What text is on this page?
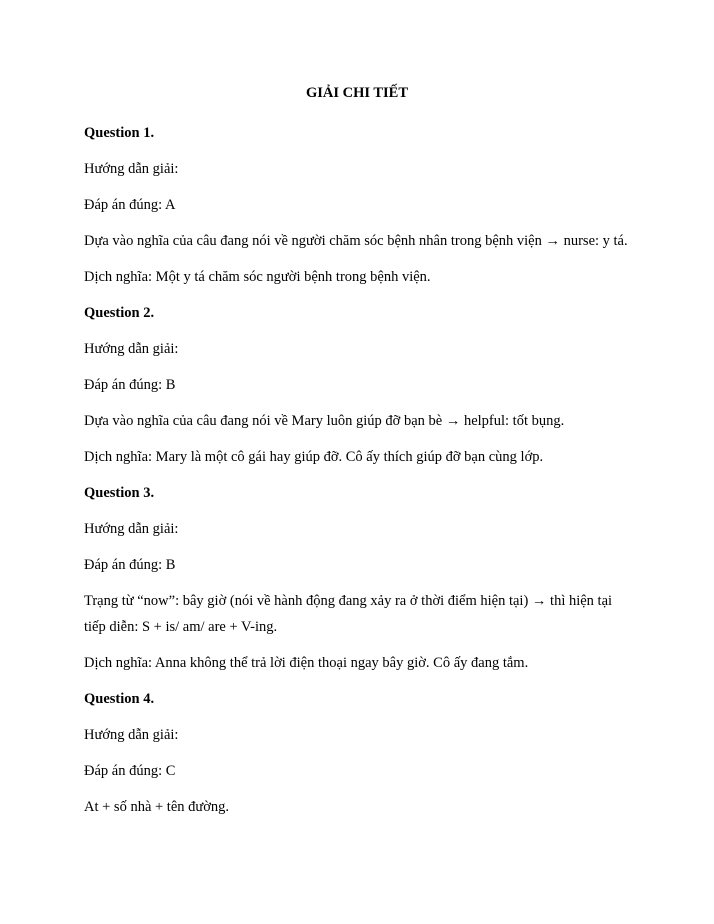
GIẢI CHI TIẾT

Question 1.

Hướng dẫn giải:

Đáp án đúng: A

Dựa vào nghĩa của câu đang nói về người chăm sóc bệnh nhân trong bệnh viện → nurse: y tá.

Dịch nghĩa: Một y tá chăm sóc người bệnh trong bệnh viện.

Question 2.

Hướng dẫn giải:

Đáp án đúng: B

Dựa vào nghĩa của câu đang nói về Mary luôn giúp đỡ bạn bè → helpful: tốt bụng.

Dịch nghĩa: Mary là một cô gái hay giúp đỡ. Cô ấy thích giúp đỡ bạn cùng lớp.

Question 3.

Hướng dẫn giải:

Đáp án đúng: B

Trạng từ “now”: bây giờ (nói về hành động đang xảy ra ở thời điểm hiện tại) → thì hiện tại tiếp diễn: S + is/ am/ are + V-ing.

Dịch nghĩa: Anna không thể trả lời điện thoại ngay bây giờ. Cô ấy đang tắm.

Question 4.

Hướng dẫn giải:

Đáp án đúng: C

At + số nhà + tên đường.
